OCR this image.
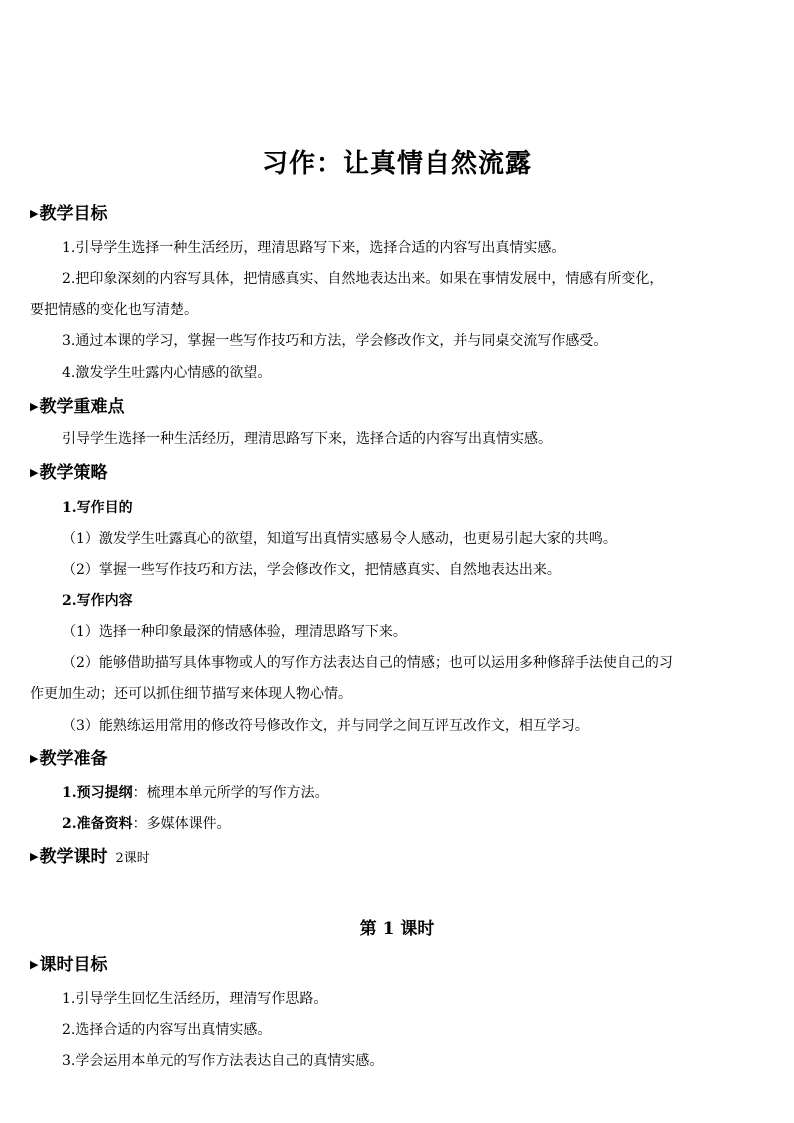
习作：让真情自然流露
▶教学目标
1.引导学生选择一种生活经历，理清思路写下来，选择合适的内容写出真情实感。
2.把印象深刻的内容写具体，把情感真实、自然地表达出来。如果在事情发展中，情感有所变化，
要把情感的变化也写清楚。
3.通过本课的学习，掌握一些写作技巧和方法，学会修改作文，并与同桌交流写作感受。
4.激发学生吐露内心情感的欲望。
▶教学重难点
引导学生选择一种生活经历，理清思路写下来，选择合适的内容写出真情实感。
▶教学策略
1.写作目的
（1）激发学生吐露真心的欲望，知道写出真情实感易令人感动，也更易引起大家的共鸣。
（2）掌握一些写作技巧和方法，学会修改作文，把情感真实、自然地表达出来。
2.写作内容
（1）选择一种印象最深的情感体验，理清思路写下来。
（2）能够借助描写具体事物或人的写作方法表达自己的情感；也可以运用多种修辞手法使自己的习
作更加生动；还可以抓住细节描写来体现人物心情。
（3）能熟练运用常用的修改符号修改作文，并与同学之间互评互改作文，相互学习。
▶教学准备
1.预习提纲：梳理本单元所学的写作方法。
2.准备资料：多媒体课件。
▶教学课时 2课时
第 1 课时
▶课时目标
1.引导学生回忆生活经历，理清写作思路。
2.选择合适的内容写出真情实感。
3.学会运用本单元的写作方法表达自己的真情实感。
